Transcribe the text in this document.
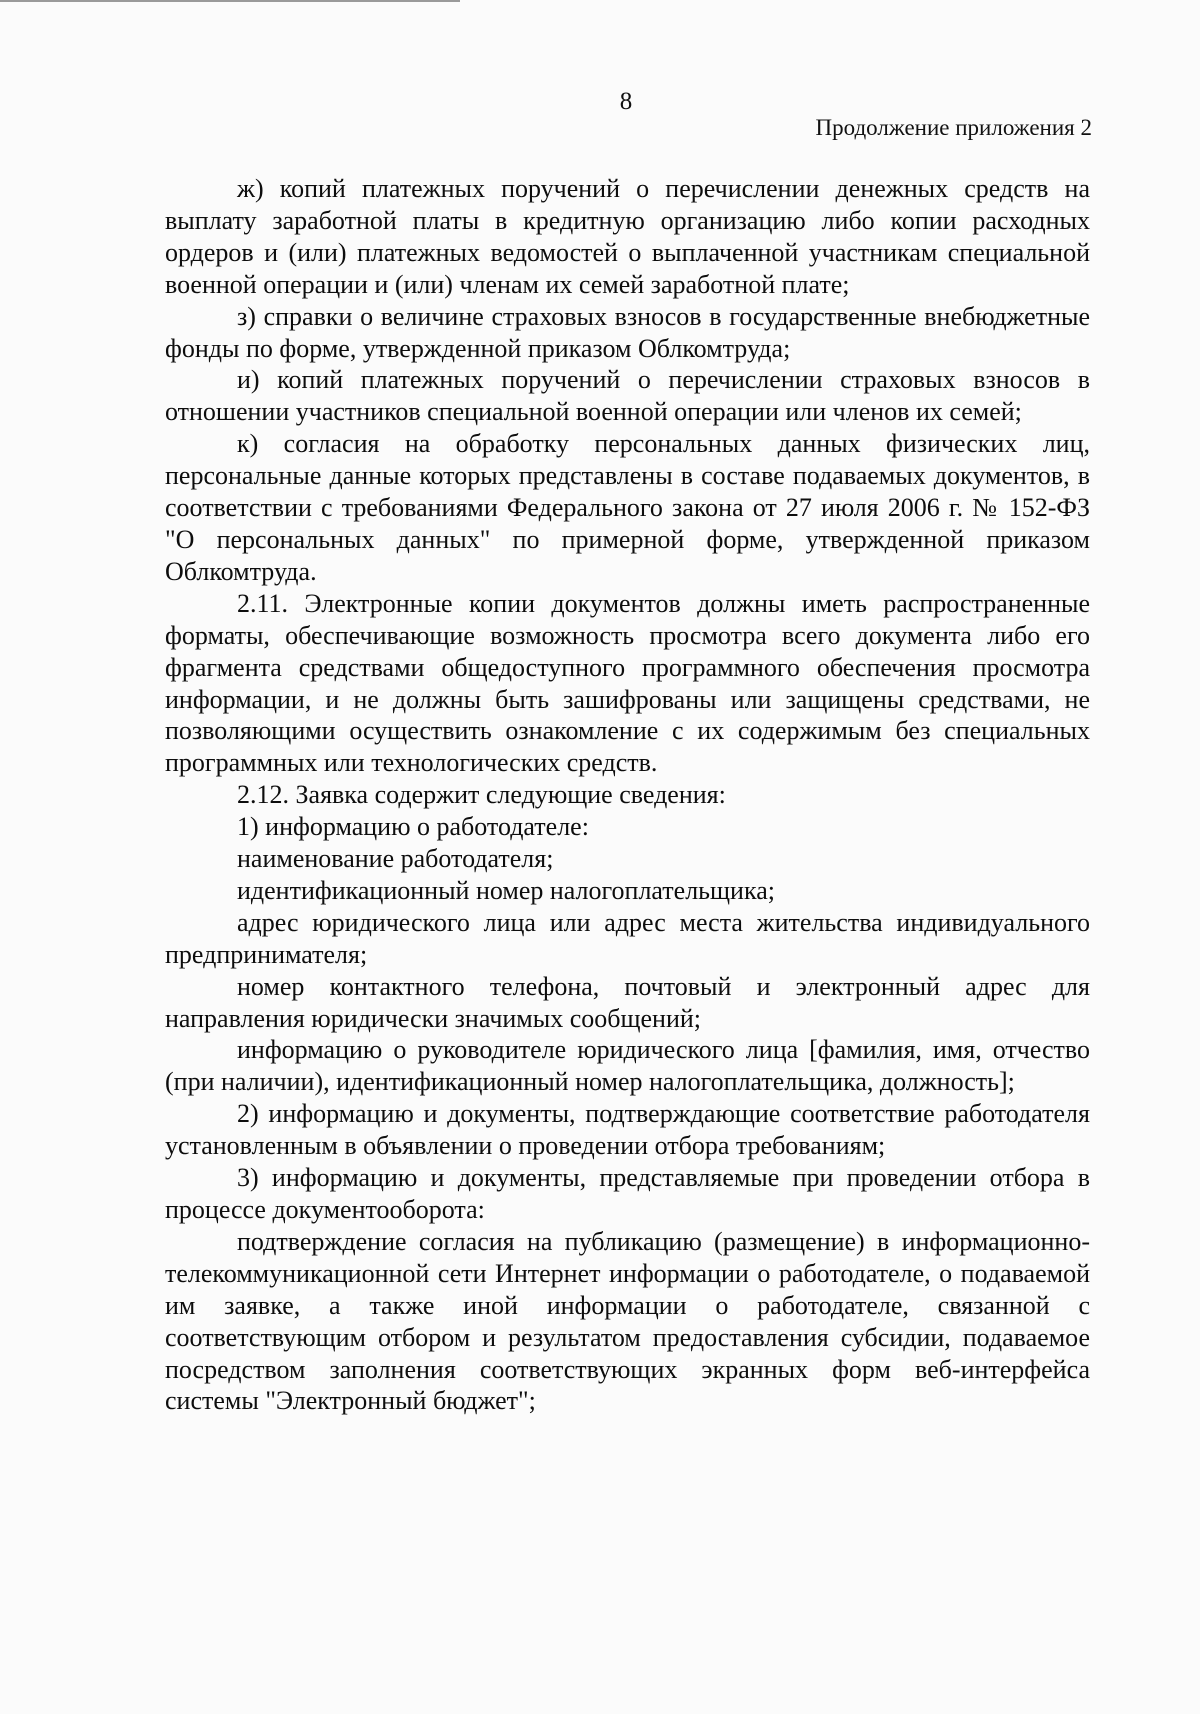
8
Продолжение приложения 2

ж) копий платежных поручений о перечислении денежных средств на выплату заработной платы в кредитную организацию либо копии расходных ордеров и (или) платежных ведомостей о выплаченной участникам специальной военной операции и (или) членам их семей заработной плате;

з) справки о величине страховых взносов в государственные внебюджетные фонды по форме, утвержденной приказом Облкомтруда;

и) копий платежных поручений о перечислении страховых взносов в отношении участников специальной военной операции или членов их семей;

к) согласия на обработку персональных данных физических лиц, персональные данные которых представлены в составе подаваемых документов, в соответствии с требованиями Федерального закона от 27 июля 2006 г. № 152-ФЗ "О персональных данных" по примерной форме, утвержденной приказом Облкомтруда.

2.11. Электронные копии документов должны иметь распространенные форматы, обеспечивающие возможность просмотра всего документа либо его фрагмента средствами общедоступного программного обеспечения просмотра информации, и не должны быть зашифрованы или защищены средствами, не позволяющими осуществить ознакомление с их содержимым без специальных программных или технологических средств.

2.12. Заявка содержит следующие сведения:

1) информацию о работодателе:

наименование работодателя;

идентификационный номер налогоплательщика;

адрес юридического лица или адрес места жительства индивидуального предпринимателя;

номер контактного телефона, почтовый и электронный адрес для направления юридически значимых сообщений;

информацию о руководителе юридического лица [фамилия, имя, отчество (при наличии), идентификационный номер налогоплательщика, должность];

2) информацию и документы, подтверждающие соответствие работодателя установленным в объявлении о проведении отбора требованиям;

3) информацию и документы, представляемые при проведении отбора в процессе документооборота:

подтверждение согласия на публикацию (размещение) в информационно-телекоммуникационной сети Интернет информации о работодателе, о подаваемой им заявке, а также иной информации о работодателе, связанной с соответствующим отбором и результатом предоставления субсидии, подаваемое посредством заполнения соответствующих экранных форм веб-интерфейса системы "Электронный бюджет";
